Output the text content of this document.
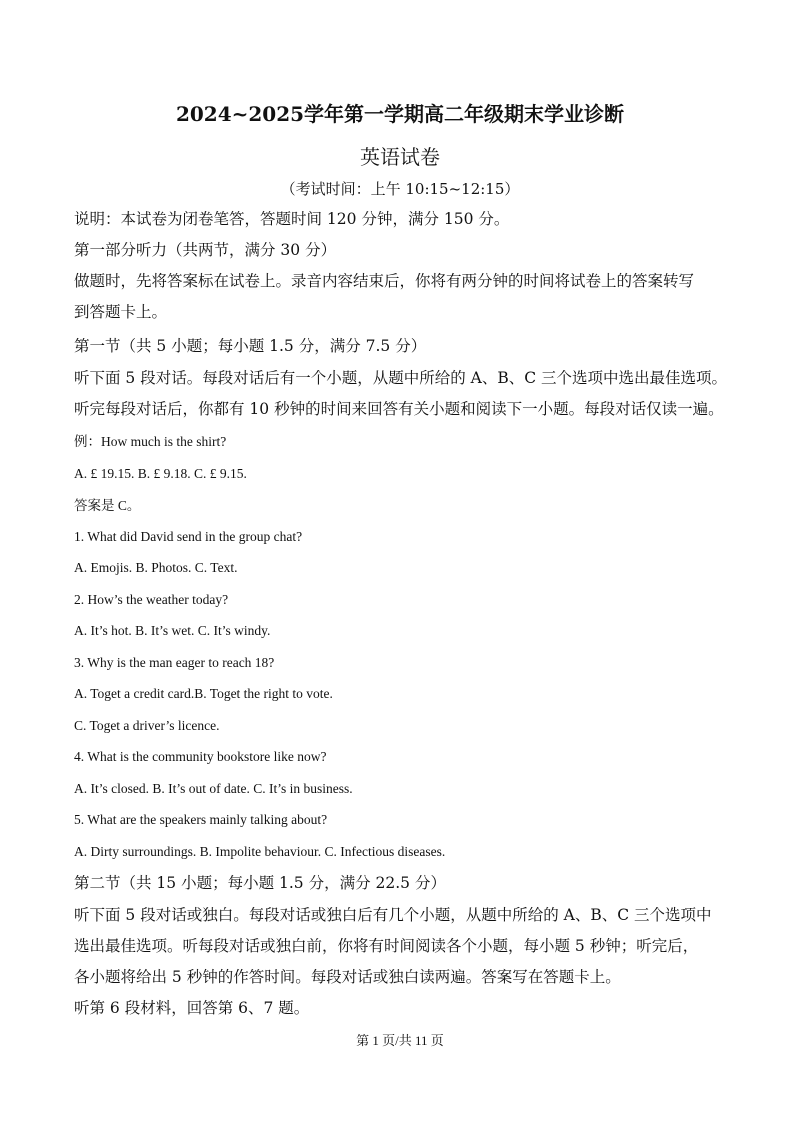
2024~2025学年第一学期高二年级期末学业诊断
英语试卷
（考试时间：上午 10:15~12:15）
说明：本试卷为闭卷笔答，答题时间 120 分钟，满分 150 分。
第一部分听力（共两节，满分 30 分）
做题时，先将答案标在试卷上。录音内容结束后，你将有两分钟的时间将试卷上的答案转写
到答题卡上。
第一节（共 5 小题；每小题 1.5 分，满分 7.5 分）
听下面 5 段对话。每段对话后有一个小题，从题中所给的 A、B、C 三个选项中选出最佳选项。
听完每段对话后，你都有 10 秒钟的时间来回答有关小题和阅读下一小题。每段对话仅读一遍。
例：How much is the shirt?
A. £ 19.15. B. £ 9.18. C. £ 9.15.
答案是 C。
1. What did David send in the group chat?
A. Emojis. B. Photos. C. Text.
2. How’s the weather today?
A. It’s hot. B. It’s wet. C. It’s windy.
3. Why is the man eager to reach 18?
A. Toget a credit card.B. Toget the right to vote.
C. Toget a driver’s licence.
4. What is the community bookstore like now?
A. It’s closed. B. It’s out of date. C. It’s in business.
5. What are the speakers mainly talking about?
A. Dirty surroundings. B. Impolite behaviour. C. Infectious diseases.
第二节（共 15 小题；每小题 1.5 分，满分 22.5 分）
听下面 5 段对话或独白。每段对话或独白后有几个小题，从题中所给的 A、B、C 三个选项中
选出最佳选项。听每段对话或独白前，你将有时间阅读各个小题，每小题 5 秒钟；听完后，
各小题将给出 5 秒钟的作答时间。每段对话或独白读两遍。答案写在答题卡上。
听第 6 段材料，回答第 6、7 题。
第 1 页/共 11 页
